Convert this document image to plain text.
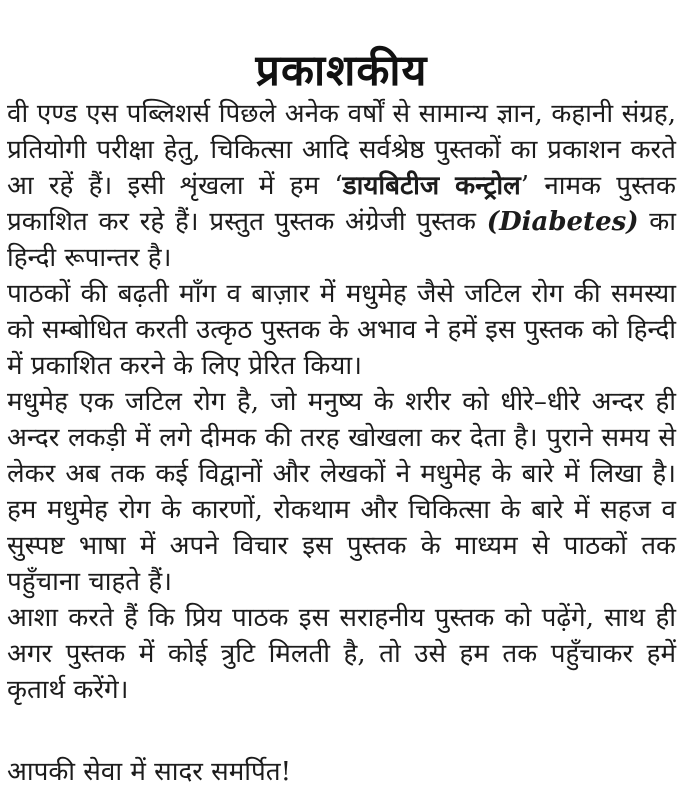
प्रकाशकीय

वी एण्ड एस पब्लिशर्स पिछले अनेक वर्षों से सामान्य ज्ञान, कहानी संग्रह, प्रतियोगी परीक्षा हेतु, चिकित्सा आदि सर्वश्रेष्ठ पुस्तकों का प्रकाशन करते आ रहें हैं। इसी शृंखला में हम ‘डायबिटीज कन्ट्रोल’ नामक पुस्तक प्रकाशित कर रहे हैं। प्रस्तुत पुस्तक अंग्रेजी पुस्तक (Diabetes) का हिन्दी रूपान्तर है।

पाठकों की बढ़ती माँग व बाज़ार में मधुमेह जैसे जटिल रोग की समस्या को सम्बोधित करती उत्कृठ पुस्तक के अभाव ने हमें इस पुस्तक को हिन्दी में प्रकाशित करने के लिए प्रेरित किया।

मधुमेह एक जटिल रोग है, जो मनुष्य के शरीर को धीरे–धीरे अन्दर ही अन्दर लकड़ी में लगे दीमक की तरह खोखला कर देता है। पुराने समय से लेकर अब तक कई विद्वानों और लेखकों ने मधुमेह के बारे में लिखा है। हम मधुमेह रोग के कारणों, रोकथाम और चिकित्सा के बारे में सहज व सुस्पष्ट भाषा में अपने विचार इस पुस्तक के माध्यम से पाठकों तक पहुँचाना चाहते हैं।

आशा करते हैं कि प्रिय पाठक इस सराहनीय पुस्तक को पढ़ेंगे, साथ ही अगर पुस्तक में कोई त्रुटि मिलती है, तो उसे हम तक पहुँचाकर हमें कृतार्थ करेंगे।

आपकी सेवा में सादर समर्पित!
